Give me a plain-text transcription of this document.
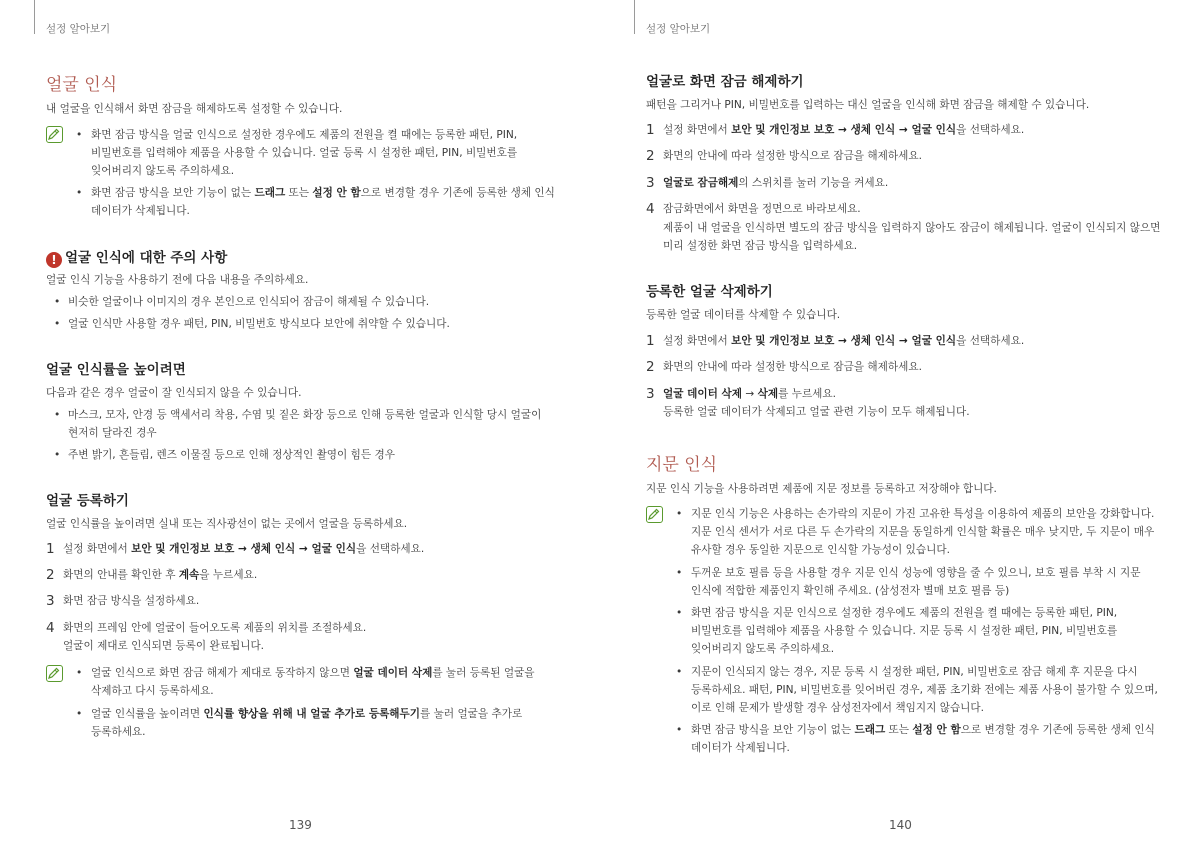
설정 알아보기
얼굴 인식
내 얼굴을 인식해서 화면 잠금을 해제하도록 설정할 수 있습니다.
• 화면 잠금 방식을 얼굴 인식으로 설정한 경우에도 제품의 전원을 켤 때에는 등록한 패턴, PIN,
비밀번호를 입력해야 제품을 사용할 수 있습니다. 얼굴 등록 시 설정한 패턴, PIN, 비밀번호를
잊어버리지 않도록 주의하세요.
• 화면 잠금 방식을 보안 기능이 없는 드래그 또는 설정 안 함으로 변경할 경우 기존에 등록한 생체 인식
데이터가 삭제됩니다.
! 얼굴 인식에 대한 주의 사항
얼굴 인식 기능을 사용하기 전에 다음 내용을 주의하세요.
• 비슷한 얼굴이나 이미지의 경우 본인으로 인식되어 잠금이 해제될 수 있습니다.
• 얼굴 인식만 사용할 경우 패턴, PIN, 비밀번호 방식보다 보안에 취약할 수 있습니다.
얼굴 인식률을 높이려면
다음과 같은 경우 얼굴이 잘 인식되지 않을 수 있습니다.
• 마스크, 모자, 안경 등 액세서리 착용, 수염 및 짙은 화장 등으로 인해 등록한 얼굴과 인식할 당시 얼굴이
현저히 달라진 경우
• 주변 밝기, 흔들림, 렌즈 이물질 등으로 인해 정상적인 촬영이 힘든 경우
얼굴 등록하기
얼굴 인식률을 높이려면 실내 또는 직사광선이 없는 곳에서 얼굴을 등록하세요.
1 설정 화면에서 보안 및 개인정보 보호 → 생체 인식 → 얼굴 인식을 선택하세요.
2 화면의 안내를 확인한 후 계속을 누르세요.
3 화면 잠금 방식을 설정하세요.
4 화면의 프레임 안에 얼굴이 들어오도록 제품의 위치를 조절하세요.
얼굴이 제대로 인식되면 등록이 완료됩니다.
• 얼굴 인식으로 화면 잠금 해제가 제대로 동작하지 않으면 얼굴 데이터 삭제를 눌러 등록된 얼굴을
삭제하고 다시 등록하세요.
• 얼굴 인식률을 높이려면 인식률 향상을 위해 내 얼굴 추가로 등록해두기를 눌러 얼굴을 추가로
등록하세요.
139
설정 알아보기
얼굴로 화면 잠금 해제하기
패턴을 그리거나 PIN, 비밀번호를 입력하는 대신 얼굴을 인식해 화면 잠금을 해제할 수 있습니다.
1 설정 화면에서 보안 및 개인정보 보호 → 생체 인식 → 얼굴 인식을 선택하세요.
2 화면의 안내에 따라 설정한 방식으로 잠금을 해제하세요.
3 얼굴로 잠금해제의 스위치를 눌러 기능을 켜세요.
4 잠금화면에서 화면을 정면으로 바라보세요.
제품이 내 얼굴을 인식하면 별도의 잠금 방식을 입력하지 않아도 잠금이 해제됩니다. 얼굴이 인식되지 않으면
미리 설정한 화면 잠금 방식을 입력하세요.
등록한 얼굴 삭제하기
등록한 얼굴 데이터를 삭제할 수 있습니다.
1 설정 화면에서 보안 및 개인정보 보호 → 생체 인식 → 얼굴 인식을 선택하세요.
2 화면의 안내에 따라 설정한 방식으로 잠금을 해제하세요.
3 얼굴 데이터 삭제 → 삭제를 누르세요.
등록한 얼굴 데이터가 삭제되고 얼굴 관련 기능이 모두 해제됩니다.
지문 인식
지문 인식 기능을 사용하려면 제품에 지문 정보를 등록하고 저장해야 합니다.
• 지문 인식 기능은 사용하는 손가락의 지문이 가진 고유한 특성을 이용하여 제품의 보안을 강화합니다.
지문 인식 센서가 서로 다른 두 손가락의 지문을 동일하게 인식할 확률은 매우 낮지만, 두 지문이 매우
유사할 경우 동일한 지문으로 인식할 가능성이 있습니다.
• 두꺼운 보호 필름 등을 사용할 경우 지문 인식 성능에 영향을 줄 수 있으니, 보호 필름 부착 시 지문
인식에 적합한 제품인지 확인해 주세요. (삼성전자 별매 보호 필름 등)
• 화면 잠금 방식을 지문 인식으로 설정한 경우에도 제품의 전원을 켤 때에는 등록한 패턴, PIN,
비밀번호를 입력해야 제품을 사용할 수 있습니다. 지문 등록 시 설정한 패턴, PIN, 비밀번호를
잊어버리지 않도록 주의하세요.
• 지문이 인식되지 않는 경우, 지문 등록 시 설정한 패턴, PIN, 비밀번호로 잠금 해제 후 지문을 다시
등록하세요. 패턴, PIN, 비밀번호를 잊어버린 경우, 제품 초기화 전에는 제품 사용이 불가할 수 있으며,
이로 인해 문제가 발생할 경우 삼성전자에서 책임지지 않습니다.
• 화면 잠금 방식을 보안 기능이 없는 드래그 또는 설정 안 함으로 변경할 경우 기존에 등록한 생체 인식
데이터가 삭제됩니다.
140
